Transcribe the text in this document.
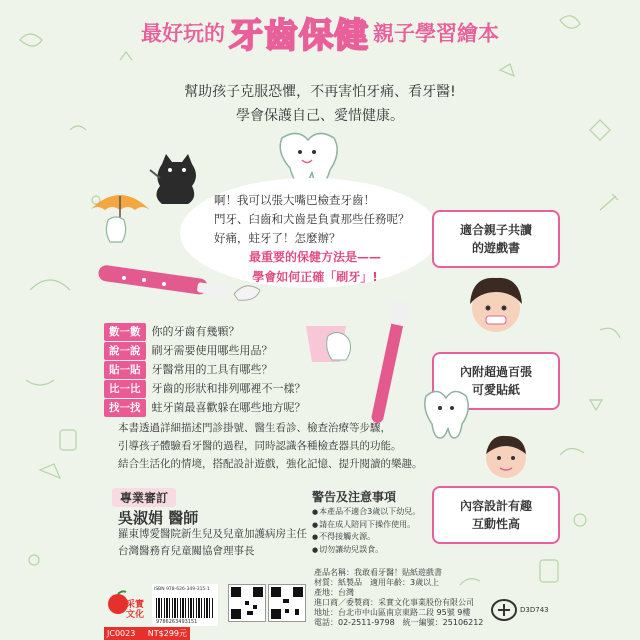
最好玩的 牙齒保健 親子學習繪本
幫助孩子克服恐懼，不再害怕牙痛、看牙醫!
學會保護自己、愛惜健康。
啊！我可以張大嘴巴檢查牙齒！
門牙、臼齒和犬齒是負責那些任務呢？
好痛，蛀牙了！怎麼辦？
最重要的保健方法是——
學會如何正確「刷牙」!
適合親子共讀
的遊戲書
內附超過百張
可愛貼紙
內容設計有趣
互動性高
數一數 你的牙齒有幾顆？
說一說 刷牙需要使用哪些用品？
貼一貼 牙醫常用的工具有哪些？
比一比 牙齒的形狀和排列哪裡不一樣？
找一找 蛀牙菌最喜歡躲在哪些地方呢？

本書透過詳細描述門診掛號、醫生看診、檢查治療等步驟，

引導孩子體驗看牙醫的過程，同時認識各種檢查器具的功能。

結合生活化的情境，搭配設計遊戲，強化記憶、提升閱讀的樂趣。

專業審訂
吳淑娟 醫師
羅東博愛醫院新生兒及兒童加護病房主任
台灣醫務育兒童關協會理事長
警告及注意事項
● 本產品不適合3歲以下幼兒。
● 請在成人陪同下操作使用。
● 不得接觸火源。
● 切勿讓幼兒誤食。
產品名稱：我敢看牙醫！貼紙遊戲書
材質：紙製品　適用年齡：3歲以上
產地：台灣
進口商／委製商：采實文化事業股份有限公司
地址：台北市中山區南京東路二段 95號 9樓
電話：02-2511-9798　統一編號：25106212
采實
文化
ISBN 978-626-349-315-1
9786263493151
JC0023 NT$299元
D3D743
